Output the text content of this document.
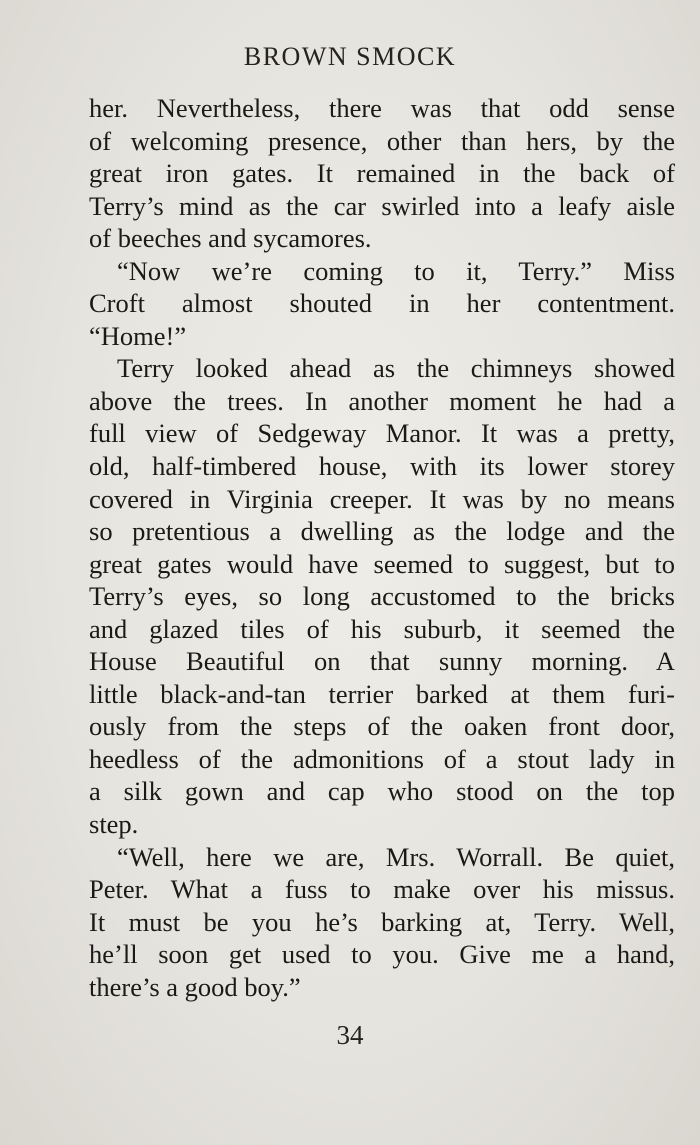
BROWN SMOCK
her. Nevertheless, there was that odd sense
of welcoming presence, other than hers, by the
great iron gates. It remained in the back of
Terry’s mind as the car swirled into a leafy aisle
of beeches and sycamores.
“Now we’re coming to it, Terry.” Miss
Croft almost shouted in her contentment.
“Home!”
Terry looked ahead as the chimneys showed
above the trees. In another moment he had a
full view of Sedgeway Manor. It was a pretty,
old, half-timbered house, with its lower storey
covered in Virginia creeper. It was by no means
so pretentious a dwelling as the lodge and the
great gates would have seemed to suggest, but to
Terry’s eyes, so long accustomed to the bricks
and glazed tiles of his suburb, it seemed the
House Beautiful on that sunny morning. A
little black-and-tan terrier barked at them furi-
ously from the steps of the oaken front door,
heedless of the admonitions of a stout lady in
a silk gown and cap who stood on the top
step.
“Well, here we are, Mrs. Worrall. Be quiet,
Peter. What a fuss to make over his missus.
It must be you he’s barking at, Terry. Well,
he’ll soon get used to you. Give me a hand,
there’s a good boy.”
34
